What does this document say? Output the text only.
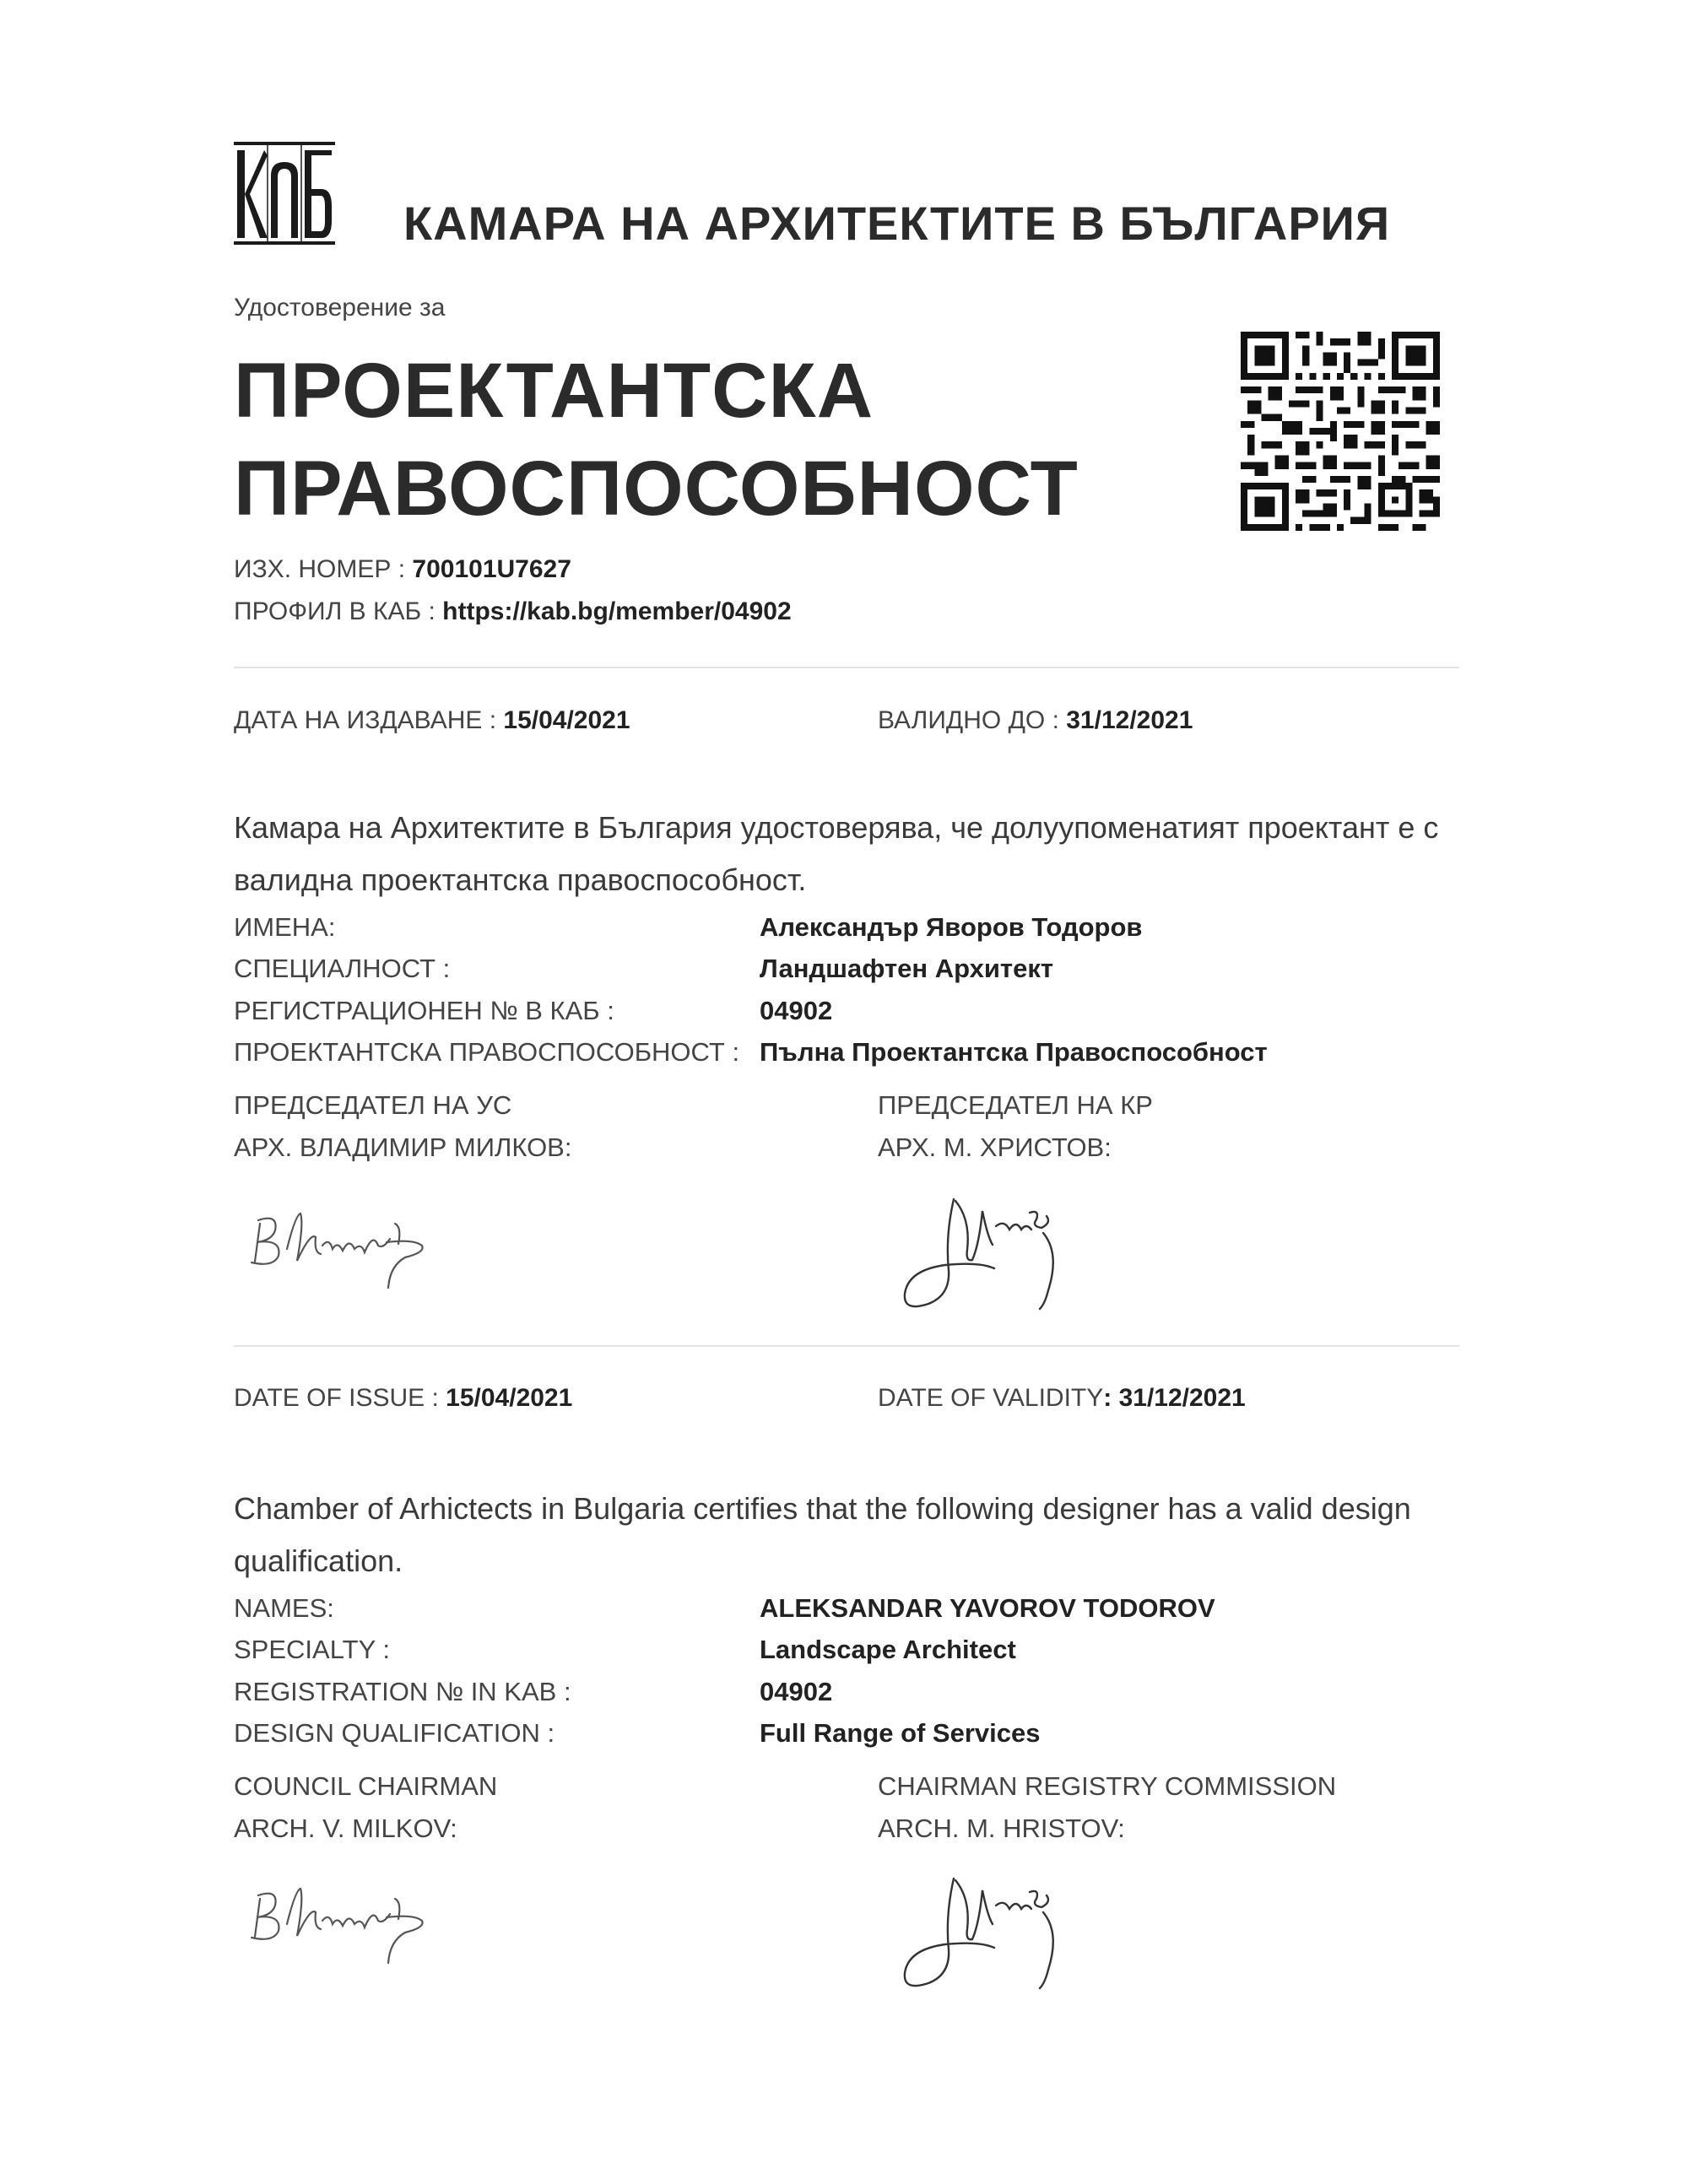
КАМАРА НА АРХИТЕКТИТЕ В БЪЛГАРИЯ
Удостоверение за
ПРОЕКТАНТСКА
ПРАВОСПОСОБНОСТ
ИЗХ. НОМЕР : 700101U7627
ПРОФИЛ В КАБ : https://kab.bg/member/04902
ДАТА НА ИЗДАВАНЕ : 15/04/2021	ВАЛИДНО ДО : 31/12/2021
Камара на Архитектите в България удостоверява, че долуупоменатият проектант е с
валидна проектантска правоспособност.
ИМЕНА:	Александър Яворов Тодоров
СПЕЦИАЛНОСТ :	Ландшафтен Архитект
РЕГИСТРАЦИОНЕН № В КАБ :	04902
ПРОЕКТАНТСКА ПРАВОСПОСОБНОСТ : Пълна Проектантска Правоспособност
ПРЕДСЕДАТЕЛ НА УС
АРХ. ВЛАДИМИР МИЛКОВ:
ПРЕДСЕДАТЕЛ НА КР
АРХ. М. ХРИСТОВ:
DATE OF ISSUE : 15/04/2021	DATE OF VALIDITY: 31/12/2021
Chamber of Arhictects in Bulgaria certifies that the following designer has a valid design
qualification.
NAMES:	ALEKSANDAR YAVOROV TODOROV
SPECIALTY :	Landscape Architect
REGISTRATION № IN KAB :	04902
DESIGN QUALIFICATION :	Full Range of Services
COUNCIL CHAIRMAN
ARCH. V. MILKOV:
CHAIRMAN REGISTRY COMMISSION
ARCH. M. HRISTOV:
